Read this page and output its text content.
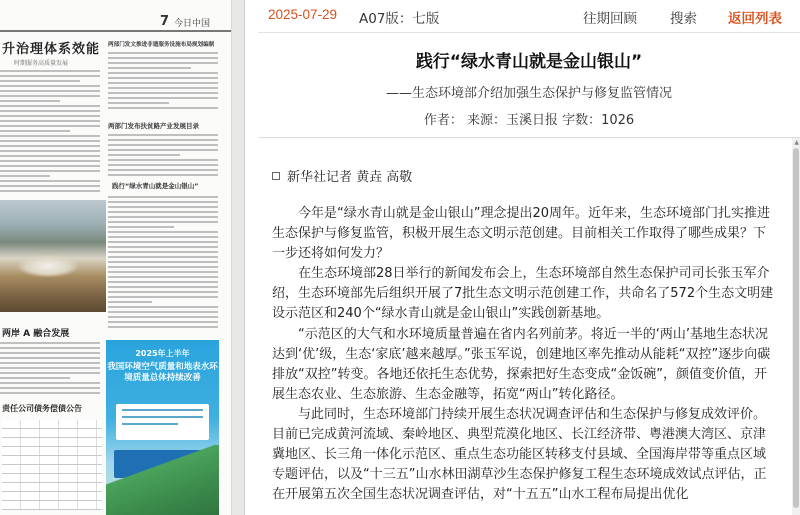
7 今日中国
升治理体系效能
时期服务高质量发展
两部门发文推进非遗服务设施布局规划编制
两部门发布扶贫路产业发展目录
践行“绿水青山就是金山银山”
两岸 A 融合发展
责任公司债务偿债公告
2025年上半年
我国环境空气质量和地表水环境质量总体持续改善
2025-07-29 A07版：七版	往期回顾 搜索 返回列表
践行“绿水青山就是金山银山”
——生态环境部介绍加强生态保护与修复监管情况
作者： 来源：玉溪日报 字数：1026
新华社记者 黄垚 高敬

今年是“绿水青山就是金山银山”理念提出20周年。近年来，生态环境部门扎实推进生态保护与修复监管，积极开展生态文明示范创建。目前相关工作取得了哪些成果？下一步还将如何发力？

在生态环境部28日举行的新闻发布会上，生态环境部自然生态保护司司长张玉军介绍，生态环境部先后组织开展了7批生态文明示范创建工作，共命名了572个生态文明建设示范区和240个“绿水青山就是金山银山”实践创新基地。

“示范区的大气和水环境质量普遍在省内名列前茅。将近一半的‘两山’基地生态状况达到‘优’级，生态‘家底’越来越厚。”张玉军说，创建地区率先推动从能耗“双控”逐步向碳排放“双控”转变。各地还依托生态优势，探索把好生态变成“金饭碗”，颜值变价值，开展生态农业、生态旅游、生态金融等，拓宽“两山”转化路径。

与此同时，生态环境部门持续开展生态状况调查评估和生态保护与修复成效评价。目前已完成黄河流域、秦岭地区、典型荒漠化地区、长江经济带、粤港澳大湾区、京津冀地区、长三角一体化示范区、重点生态功能区转移支付县域、全国海岸带等重点区域专题评估，以及“十三五”山水林田湖草沙生态保护修复工程生态环境成效试点评估，正在开展第五次全国生态状况调查评估，对“十五五”山水工程布局提出优化

▲
